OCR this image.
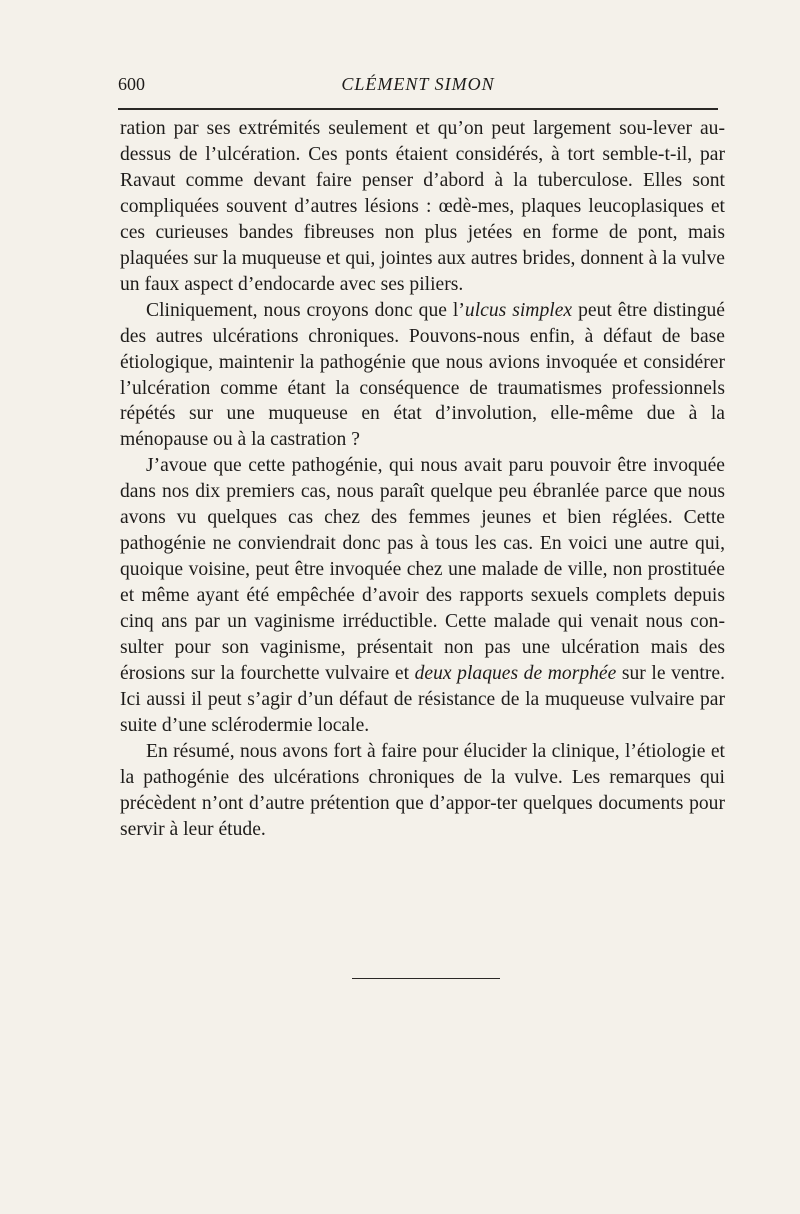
600	CLÉMENT SIMON

ration par ses extrémités seulement et qu’on peut largement sou-lever au-dessus de l’ulcération. Ces ponts étaient considérés, à tort semble-t-il, par Ravaut comme devant faire penser d’abord à la tuberculose. Elles sont compliquées souvent d’autres lésions : œdè-mes, plaques leucoplasiques et ces curieuses bandes fibreuses non plus jetées en forme de pont, mais plaquées sur la muqueuse et qui, jointes aux autres brides, donnent à la vulve un faux aspect d’endocarde avec ses piliers.

Cliniquement, nous croyons donc que l’ulcus simplex peut être distingué des autres ulcérations chroniques. Pouvons-nous enfin, à défaut de base étiologique, maintenir la pathogénie que nous avions invoquée et considérer l’ulcération comme étant la conséquence de traumatismes professionnels répétés sur une muqueuse en état d’involution, elle-même due à la ménopause ou à la castration ?

J’avoue que cette pathogénie, qui nous avait paru pouvoir être invoquée dans nos dix premiers cas, nous paraît quelque peu ébranlée parce que nous avons vu quelques cas chez des femmes jeunes et bien réglées. Cette pathogénie ne conviendrait donc pas à tous les cas. En voici une autre qui, quoique voisine, peut être invoquée chez une malade de ville, non prostituée et même ayant été empêchée d’avoir des rapports sexuels complets depuis cinq ans par un vaginisme irréductible. Cette malade qui venait nous con-sulter pour son vaginisme, présentait non pas une ulcération mais des érosions sur la fourchette vulvaire et deux plaques de morphée sur le ventre. Ici aussi il peut s’agir d’un défaut de résistance de la muqueuse vulvaire par suite d’une sclérodermie locale.

En résumé, nous avons fort à faire pour élucider la clinique, l’étiologie et la pathogénie des ulcérations chroniques de la vulve. Les remarques qui précèdent n’ont d’autre prétention que d’appor-ter quelques documents pour servir à leur étude.
